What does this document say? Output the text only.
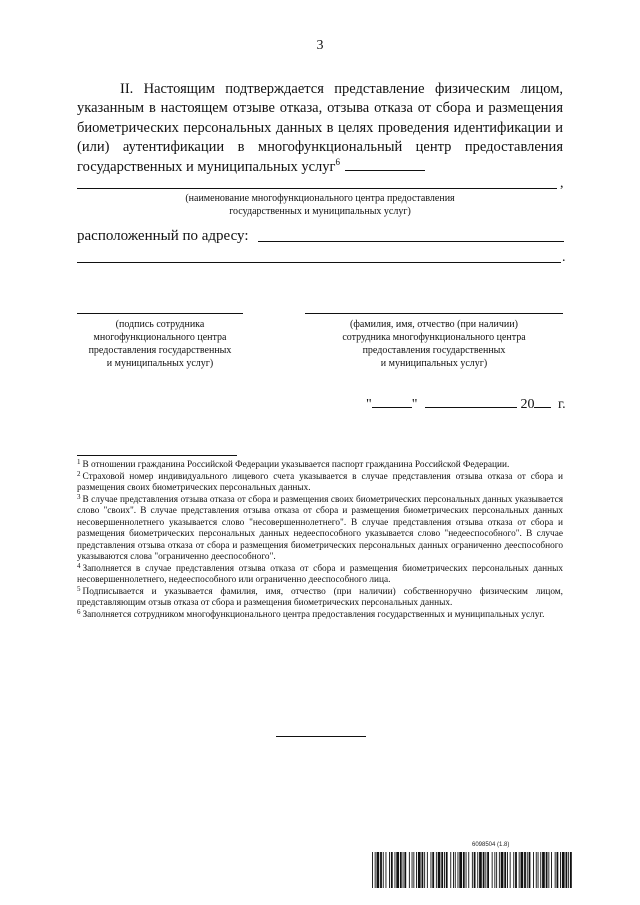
3
II. Настоящим подтверждается представление физическим лицом, указанным в настоящем отзыве отказа, отзыва отказа от сбора и размещения биометрических персональных данных в целях проведения идентификации и (или) аутентификации в многофункциональный центр предоставления государственных и муниципальных услуг$^6$
,
(наименование многофункционального центра предоставления
государственных и муниципальных услуг)
расположенный по адресу:
.
(подпись сотрудника
многофункционального центра
предоставления государственных
и муниципальных услуг)
(фамилия, имя, отчество (при наличии)
сотрудника многофункционального центра
предоставления государственных
и муниципальных услуг)
"	"	20 г.
$^1$ В отношении гражданина Российской Федерации указывается паспорт гражданина Российской Федерации.
$^2$ Страховой номер индивидуального лицевого счета указывается в случае представления отзыва отказа от сбора и размещения своих биометрических персональных данных.
$^3$ В случае представления отзыва отказа от сбора и размещения своих биометрических персональных данных указывается слово "своих". В случае представления отзыва отказа от сбора и размещения биометрических персональных данных несовершеннолетнего указывается слово "несовершеннолетнего". В случае представления отзыва отказа от сбора и размещения биометрических персональных данных недееспособного указывается слово "недееспособного". В случае представления отзыва отказа от сбора и размещения биометрических персональных данных ограниченно дееспособного указываются слова "ограниченно дееспособного".
$^4$ Заполняется в случае представления отзыва отказа от сбора и размещения биометрических персональных данных несовершеннолетнего, недееспособного или ограниченно дееспособного лица.
$^5$ Подписывается и указывается фамилия, имя, отчество (при наличии) собственноручно физическим лицом, представляющим отзыв отказа от сбора и размещения биометрических персональных данных.
$^6$ Заполняется сотрудником многофункционального центра предоставления государственных и муниципальных услуг.
6098504 (1.8)
